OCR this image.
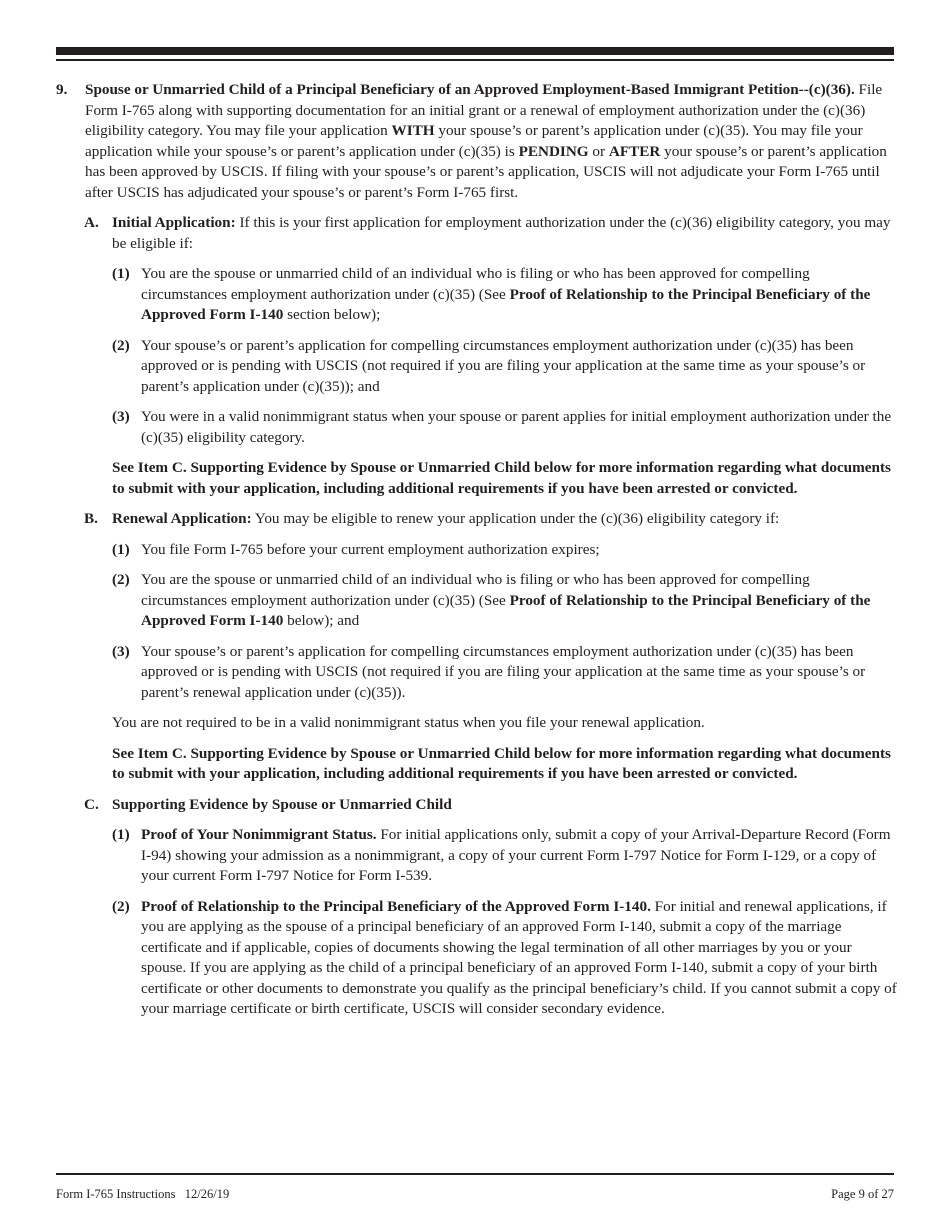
9. Spouse or Unmarried Child of a Principal Beneficiary of an Approved Employment-Based Immigrant Petition--(c)(36). File Form I-765 along with supporting documentation for an initial grant or a renewal of employment authorization under the (c)(36) eligibility category. You may file your application WITH your spouse’s or parent’s application under (c)(35). You may file your application while your spouse’s or parent’s application under (c)(35) is PENDING or AFTER your spouse’s or parent’s application has been approved by USCIS. If filing with your spouse’s or parent’s application, USCIS will not adjudicate your Form I-765 until after USCIS has adjudicated your spouse’s or parent’s Form I-765 first.

A. Initial Application: If this is your first application for employment authorization under the (c)(36) eligibility category, you may be eligible if:

(1) You are the spouse or unmarried child of an individual who is filing or who has been approved for compelling circumstances employment authorization under (c)(35) (See Proof of Relationship to the Principal Beneficiary of the Approved Form I-140 section below);

(2) Your spouse’s or parent’s application for compelling circumstances employment authorization under (c)(35) has been approved or is pending with USCIS (not required if you are filing your application at the same time as your spouse’s or parent’s application under (c)(35)); and

(3) You were in a valid nonimmigrant status when your spouse or parent applies for initial employment authorization under the (c)(35) eligibility category.

See Item C. Supporting Evidence by Spouse or Unmarried Child below for more information regarding what documents to submit with your application, including additional requirements if you have been arrested or convicted.

B. Renewal Application: You may be eligible to renew your application under the (c)(36) eligibility category if:

(1) You file Form I-765 before your current employment authorization expires;

(2) You are the spouse or unmarried child of an individual who is filing or who has been approved for compelling circumstances employment authorization under (c)(35) (See Proof of Relationship to the Principal Beneficiary of the Approved Form I-140 below); and

(3) Your spouse’s or parent’s application for compelling circumstances employment authorization under (c)(35) has been approved or is pending with USCIS (not required if you are filing your application at the same time as your spouse’s or parent’s renewal application under (c)(35)).

You are not required to be in a valid nonimmigrant status when you file your renewal application.

See Item C. Supporting Evidence by Spouse or Unmarried Child below for more information regarding what documents to submit with your application, including additional requirements if you have been arrested or convicted.

C. Supporting Evidence by Spouse or Unmarried Child

(1) Proof of Your Nonimmigrant Status. For initial applications only, submit a copy of your Arrival-Departure Record (Form I-94) showing your admission as a nonimmigrant, a copy of your current Form I-797 Notice for Form I-129, or a copy of your current Form I-797 Notice for Form I-539.

(2) Proof of Relationship to the Principal Beneficiary of the Approved Form I-140. For initial and renewal applications, if you are applying as the spouse of a principal beneficiary of an approved Form I-140, submit a copy of the marriage certificate and if applicable, copies of documents showing the legal termination of all other marriages by you or your spouse. If you are applying as the child of a principal beneficiary of an approved Form I-140, submit a copy of your birth certificate or other documents to demonstrate you qualify as the principal beneficiary’s child. If you cannot submit a copy of your marriage certificate or birth certificate, USCIS will consider secondary evidence.

Form I-765 Instructions   12/26/19	Page 9 of 27
